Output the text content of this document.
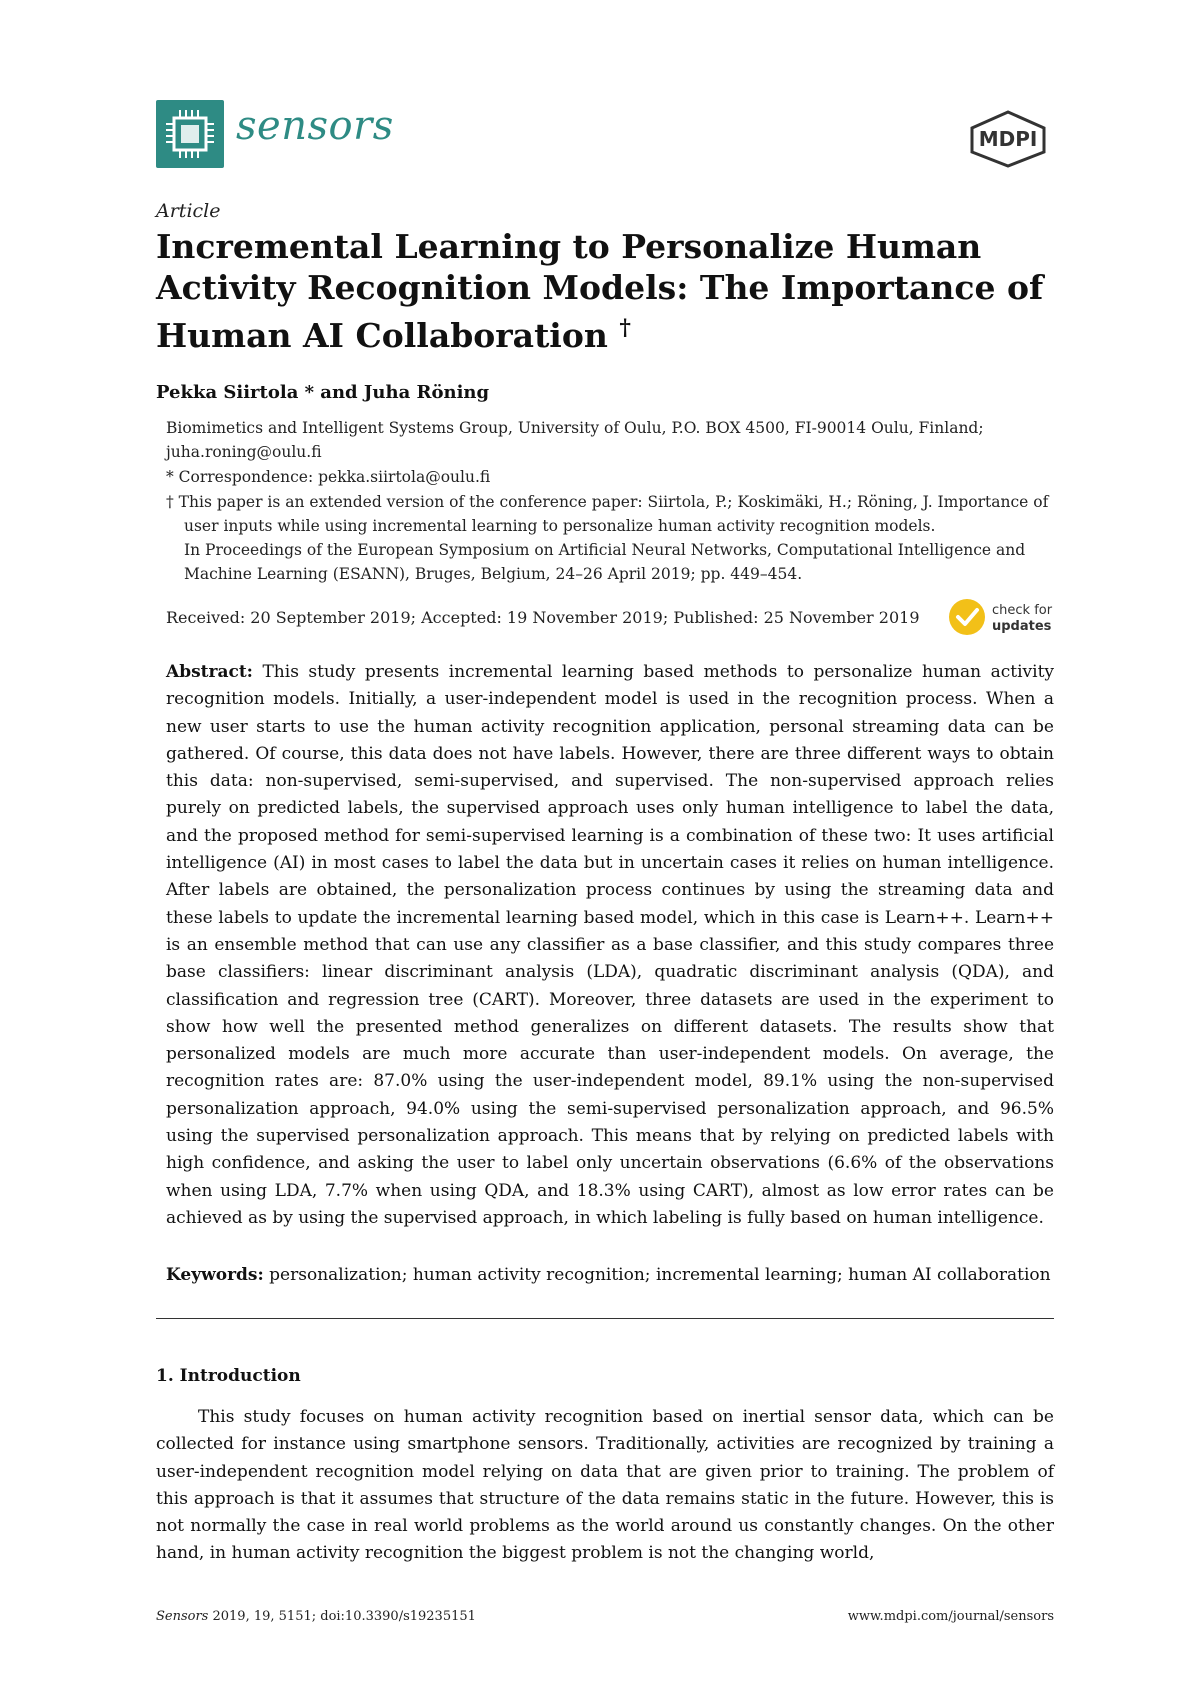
sensors	MDPI
Article
Incremental Learning to Personalize Human Activity Recognition Models: The Importance of Human AI Collaboration †
Pekka Siirtola * and Juha Röning
Biomimetics and Intelligent Systems Group, University of Oulu, P.O. BOX 4500, FI-90014 Oulu, Finland; juha.roning@oulu.fi
* Correspondence: pekka.siirtola@oulu.fi
† This paper is an extended version of the conference paper: Siirtola, P.; Koskimäki, H.; Röning, J. Importance of

user inputs while using incremental learning to personalize human activity recognition models.
In Proceedings of the European Symposium on Artificial Neural Networks, Computational Intelligence and
Machine Learning (ESANN), Bruges, Belgium, 24–26 April 2019; pp. 449–454.
Received: 20 September 2019; Accepted: 19 November 2019; Published: 25 November 2019	check for
updates
Abstract: This study presents incremental learning based methods to personalize human activity recognition models. Initially, a user-independent model is used in the recognition process. When a new user starts to use the human activity recognition application, personal streaming data can be gathered. Of course, this data does not have labels. However, there are three different ways to obtain this data: non-supervised, semi-supervised, and supervised. The non-supervised approach relies purely on predicted labels, the supervised approach uses only human intelligence to label the data, and the proposed method for semi-supervised learning is a combination of these two: It uses artificial intelligence (AI) in most cases to label the data but in uncertain cases it relies on human intelligence. After labels are obtained, the personalization process continues by using the streaming data and these labels to update the incremental learning based model, which in this case is Learn++. Learn++ is an ensemble method that can use any classifier as a base classifier, and this study compares three base classifiers: linear discriminant analysis (LDA), quadratic discriminant analysis (QDA), and classification and regression tree (CART). Moreover, three datasets are used in the experiment to show how well the presented method generalizes on different datasets. The results show that personalized models are much more accurate than user-independent models. On average, the recognition rates are: 87.0% using the user-independent model, 89.1% using the non-supervised personalization approach, 94.0% using the semi-supervised personalization approach, and 96.5% using the supervised personalization approach. This means that by relying on predicted labels with high confidence, and asking the user to label only uncertain observations (6.6% of the observations when using LDA, 7.7% when using QDA, and 18.3% using CART), almost as low error rates can be achieved as by using the supervised approach, in which labeling is fully based on human intelligence.
Keywords: personalization; human activity recognition; incremental learning; human AI collaboration
1. Introduction
This study focuses on human activity recognition based on inertial sensor data, which can be collected for instance using smartphone sensors. Traditionally, activities are recognized by training a user-independent recognition model relying on data that are given prior to training. The problem of this approach is that it assumes that structure of the data remains static in the future. However, this is not normally the case in real world problems as the world around us constantly changes. On the other hand, in human activity recognition the biggest problem is not the changing world,
Sensors 2019, 19, 5151; doi:10.3390/s19235151	www.mdpi.com/journal/sensors
